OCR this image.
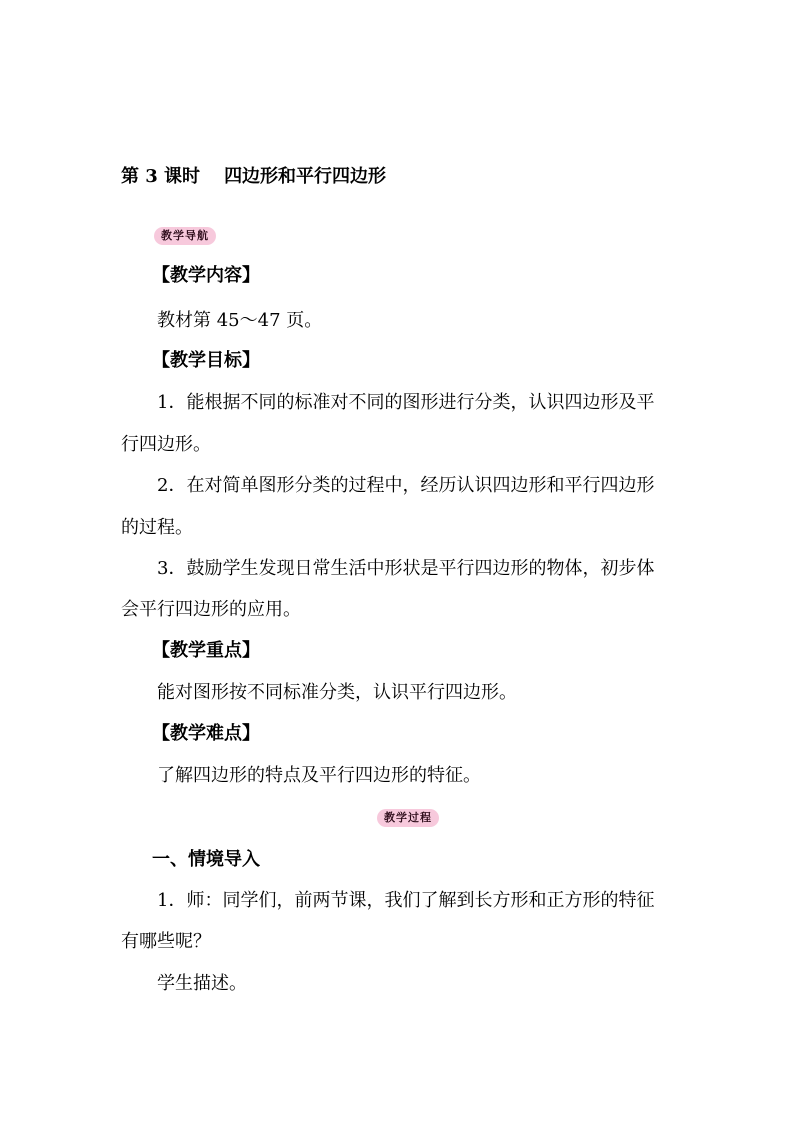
第 3 课时 四边形和平行四边形
教学导航
【教学内容】
教材第 45～47 页。
【教学目标】
1．能根据不同的标准对不同的图形进行分类，认识四边形及平
行四边形。
2．在对简单图形分类的过程中，经历认识四边形和平行四边形
的过程。
3．鼓励学生发现日常生活中形状是平行四边形的物体，初步体
会平行四边形的应用。
【教学重点】
能对图形按不同标准分类，认识平行四边形。
【教学难点】
了解四边形的特点及平行四边形的特征。
教学过程
一、情境导入
1．师：同学们，前两节课，我们了解到长方形和正方形的特征
有哪些呢？
学生描述。
